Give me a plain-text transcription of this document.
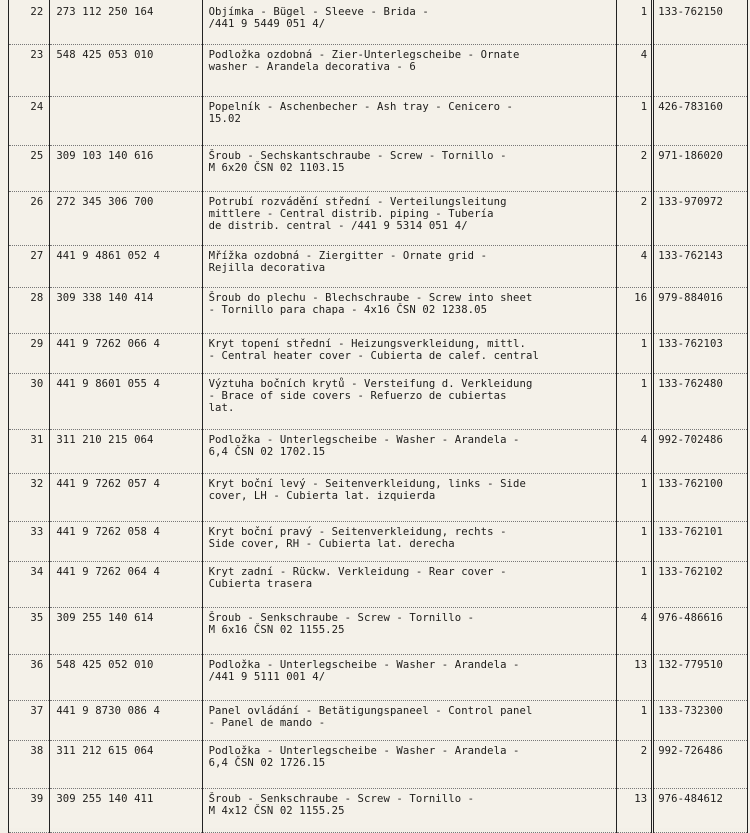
22	273 112 250 164	Objímka - Bügel - Sleeve - Brida -
/441 9 5449 051 4/	1	133-762150
23	548 425 053 010	Podložka ozdobná - Zier-Unterlegscheibe - Ornate
washer - Arandela decorativa - 6	4	
24		Popelník - Aschenbecher - Ash tray - Cenicero -
15.02	1	426-783160
25	309 103 140 616	Šroub - Sechskantschraube - Screw - Tornillo -
M 6x20 ČSN 02 1103.15	2	971-186020
26	272 345 306 700	Potrubí rozvádění střední - Verteilungsleitung
mittlere - Central distrib. piping - Tubería
de distrib. central - /441 9 5314 051 4/	2	133-970972
27	441 9 4861 052 4	Mřížka ozdobná - Ziergitter - Ornate grid -
Rejilla decorativa	4	133-762143
28	309 338 140 414	Šroub do plechu - Blechschraube - Screw into sheet
- Tornillo para chapa - 4x16 ČSN 02 1238.05	16	979-884016
29	441 9 7262 066 4	Kryt topení střední - Heizungsverkleidung, mittl.
- Central heater cover - Cubierta de calef. central	1	133-762103
30	441 9 8601 055 4	Výztuha bočních krytů - Versteifung d. Verkleidung
- Brace of side covers - Refuerzo de cubiertas
lat.	1	133-762480
31	311 210 215 064	Podložka - Unterlegscheibe - Washer - Arandela -
6,4 ČSN 02 1702.15	4	992-702486
32	441 9 7262 057 4	Kryt boční levý - Seitenverkleidung, links - Side
cover, LH - Cubierta lat. izquierda	1	133-762100
33	441 9 7262 058 4	Kryt boční pravý - Seitenverkleidung, rechts -
Side cover, RH - Cubierta lat. derecha	1	133-762101
34	441 9 7262 064 4	Kryt zadní - Rückw. Verkleidung - Rear cover -
Cubierta trasera	1	133-762102
35	309 255 140 614	Šroub - Senkschraube - Screw - Tornillo -
M 6x16 ČSN 02 1155.25	4	976-486616
36	548 425 052 010	Podložka - Unterlegscheibe - Washer - Arandela -
/441 9 5111 001 4/	13	132-779510
37	441 9 8730 086 4	Panel ovládání - Betätigungspaneel - Control panel
- Panel de mando -	1	133-732300
38	311 212 615 064	Podložka - Unterlegscheibe - Washer - Arandela -
6,4 ČSN 02 1726.15	2	992-726486
39	309 255 140 411	Šroub - Senkschraube - Screw - Tornillo -
M 4x12 ČSN 02 1155.25	13	976-484612
